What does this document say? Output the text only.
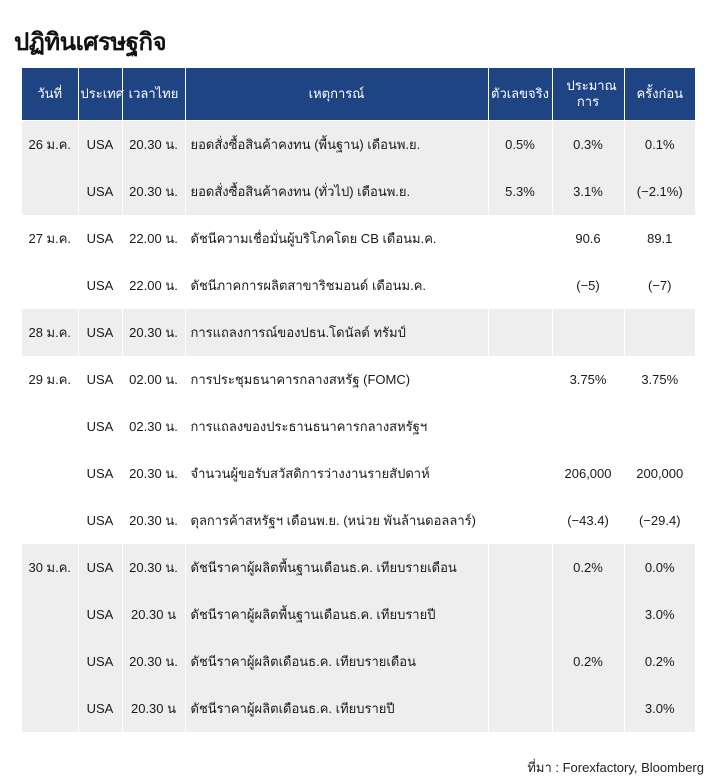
ปฏิทินเศรษฐกิจ
วันที่	ประเทศ	เวลาไทย	เหตุการณ์	ตัวเลขจริง	ประมาณการ	ครั้งก่อน
26 ม.ค.	USA	20.30 น.	ยอดสั่งซื้อสินค้าคงทน (พื้นฐาน) เดือนพ.ย.	0.5%	0.3%	0.1%
	USA	20.30 น.	ยอดสั่งซื้อสินค้าคงทน (ทั่วไป) เดือนพ.ย.	5.3%	3.1%	(−2.1%)
27 ม.ค.	USA	22.00 น.	ดัชนีความเชื่อมั่นผู้บริโภคโดย CB เดือนม.ค.		90.6	89.1
	USA	22.00 น.	ดัชนีภาคการผลิตสาขาริชมอนด์ เดือนม.ค.		(−5)	(−7)
28 ม.ค.	USA	20.30 น.	การแถลงการณ์ของปธน.โดนัลด์ ทรัมป์			
29 ม.ค.	USA	02.00 น.	การประชุมธนาคารกลางสหรัฐ (FOMC)		3.75%	3.75%
	USA	02.30 น.	การแถลงของประธานธนาคารกลางสหรัฐฯ			
	USA	20.30 น.	จำนวนผู้ขอรับสวัสดิการว่างงานรายสัปดาห์		206,000	200,000
	USA	20.30 น.	ดุลการค้าสหรัฐฯ เดือนพ.ย. (หน่วย พันล้านดอลลาร์)		(−43.4)	(−29.4)
30 ม.ค.	USA	20.30 น.	ดัชนีราคาผู้ผลิตพื้นฐานเดือนธ.ค. เทียบรายเดือน		0.2%	0.0%
	USA	20.30 น	ดัชนีราคาผู้ผลิตพื้นฐานเดือนธ.ค. เทียบรายปี			3.0%
	USA	20.30 น.	ดัชนีราคาผู้ผลิตเดือนธ.ค. เทียบรายเดือน		0.2%	0.2%
	USA	20.30 น	ดัชนีราคาผู้ผลิตเดือนธ.ค. เทียบรายปี			3.0%
ที่มา : Forexfactory, Bloomberg
